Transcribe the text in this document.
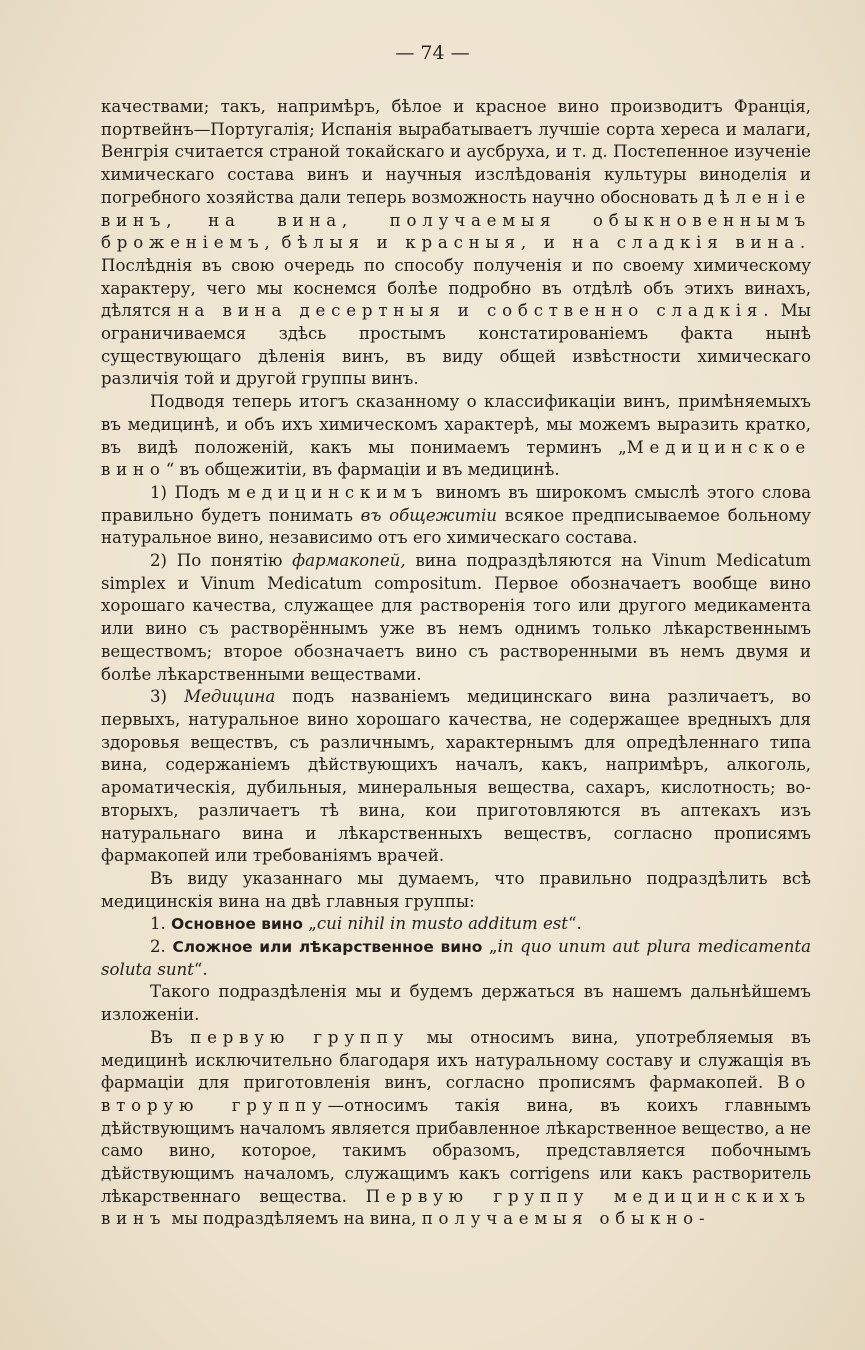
— 74 —

качествами; такъ, напримѣръ, бѣлое и красное вино производитъ Франція, портвейнъ—Португалія; Испанія вырабатываетъ лучшіе сорта хереса и малаги, Венгрія считается страной токайскаго и аусбруха, и т. д. Постепенное изученіе химическаго состава винъ и научныя изслѣдованія культуры виноделія и погребного хозяйства дали теперь возможность научно обосновать дѣленіе винъ, на вина, получаемыя обыкновеннымъ броженіемъ, бѣлыя и красныя, и на сладкія вина. Послѣднія въ свою очередь по способу полученія и по своему химическому характеру, чего мы коснемся болѣе подробно въ отдѣлѣ объ этихъ винахъ, дѣлятся на вина десертныя и собственно сладкія. Мы ограничиваемся здѣсь простымъ констатированіемъ факта нынѣ существующаго дѣленія винъ, въ виду общей извѣстности химическаго различія той и другой группы винъ.

Подводя теперь итогъ сказанному о классификаціи винъ, примѣняемыхъ въ медицинѣ, и объ ихъ химическомъ характерѣ, мы можемъ выразить кратко, въ видѣ положеній, какъ мы понимаемъ терминъ „Медицинское вино“ въ общежитіи, въ фармаціи и въ медицинѣ.

1) Подъ медицинскимъ виномъ въ широкомъ смыслѣ этого слова правильно будетъ понимать въ общежитіи всякое предписываемое больному натуральное вино, независимо отъ его химическаго состава.

2) По понятію фармакопей, вина подраздѣляются на Vinum Medicatum simplex и Vinum Medicatum compositum. Первое обозначаетъ вообще вино хорошаго качества, служащее для растворенія того или другого медикамента или вино съ растворённымъ уже въ немъ однимъ только лѣкарственнымъ веществомъ; второе обозначаетъ вино съ растворенными въ немъ двумя и болѣе лѣкарственными веществами.

3) Медицина подъ названіемъ медицинскаго вина различаетъ, во первыхъ, натуральное вино хорошаго качества, не содержащее вредныхъ для здоровья веществъ, съ различнымъ, характернымъ для опредѣленнаго типа вина, содержаніемъ дѣйствующихъ началъ, какъ, напримѣръ, алкоголь, ароматическія, дубильныя, минеральныя вещества, сахаръ, кислотность; во-вторыхъ, различаетъ тѣ вина, кои приготовляются въ аптекахъ изъ натуральнаго вина и лѣкарственныхъ веществъ, согласно прописямъ фармакопей или требованіямъ врачей.

Въ виду указаннаго мы думаемъ, что правильно подраздѣлить всѣ медицинскія вина на двѣ главныя группы:

1. Основное вино „cui nihil in musto additum est“.

2. Сложное или лѣкарственное вино „in quo unum aut plura medicamenta soluta sunt“.

Такого подраздѣленія мы и будемъ держаться въ нашемъ дальнѣйшемъ изложеніи.

Въ первую группу мы относимъ вина, употребляемыя въ медицинѣ исключительно благодаря ихъ натуральному составу и служащія въ фармаціи для приготовленія винъ, согласно прописямъ фармакопей. Во вторую группу—относимъ такія вина, въ коихъ главнымъ дѣйствующимъ началомъ является прибавленное лѣкарственное вещество, а не само вино, которое, такимъ образомъ, представляется побочнымъ дѣйствующимъ началомъ, служащимъ какъ corrigens или какъ растворитель лѣкарственнаго вещества. Первую группу медицинскихъ винъ мы подраздѣляемъ на вина, получаемыя обыкно-
